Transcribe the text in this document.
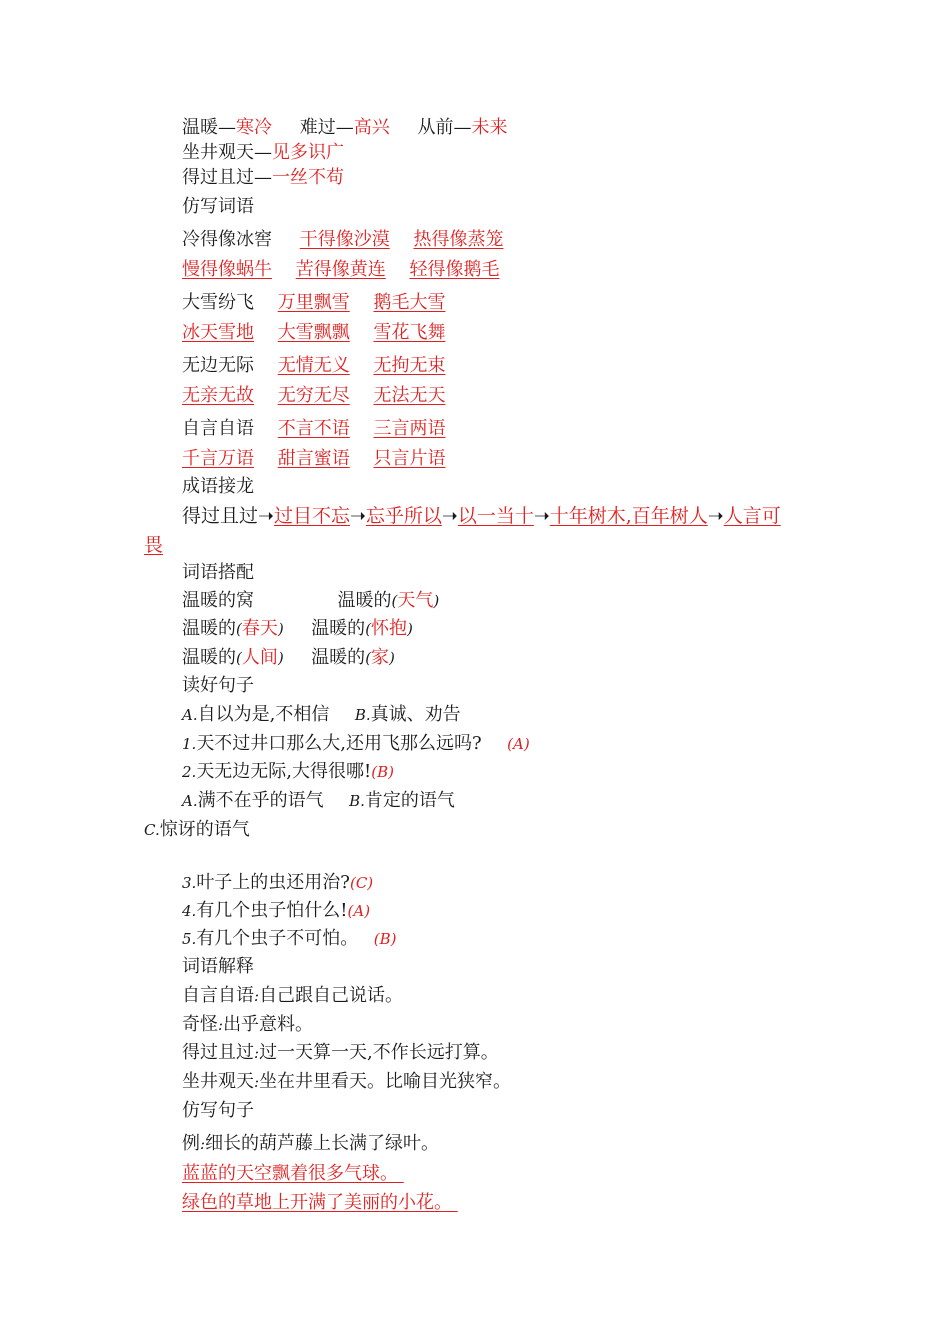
温暖—寒冷 难过—高兴 从前—未来
坐井观天—见多识广
得过且过—一丝不苟
仿写词语
冷得像冰窖 干得像沙漠 热得像蒸笼
慢得像蜗牛 苦得像黄连 轻得像鹅毛
大雪纷飞 万里飘雪 鹅毛大雪
冰天雪地 大雪飘飘 雪花飞舞
无边无际 无情无义 无拘无束
无亲无故 无穷无尽 无法无天
自言自语 不言不语 三言两语
千言万语 甜言蜜语 只言片语
成语接龙
得过且过➝过目不忘➝忘乎所以➝以一当十➝十年树木,百年树人➝人言可
畏
词语搭配
温暖的窝	温暖的(天气)
温暖的(春天) 温暖的(怀抱)
温暖的(人间) 温暖的(家)
读好句子
A.自以为是,不相信 B.真诚、劝告
1.天不过井口那么大,还用飞那么远吗? (A)
2.天无边无际,大得很哪!(B)
A.满不在乎的语气 B.肯定的语气
C.惊讶的语气
3.叶子上的虫还用治?(C)
4.有几个虫子怕什么!(A)
5.有几个虫子不可怕。 (B)
词语解释
自言自语:自己跟自己说话。
奇怪:出乎意料。
得过且过:过一天算一天,不作长远打算。
坐井观天:坐在井里看天。比喻目光狭窄。
仿写句子
例:细长的葫芦藤上长满了绿叶。
蓝蓝的天空飘着很多气球。
绿色的草地上开满了美丽的小花。
